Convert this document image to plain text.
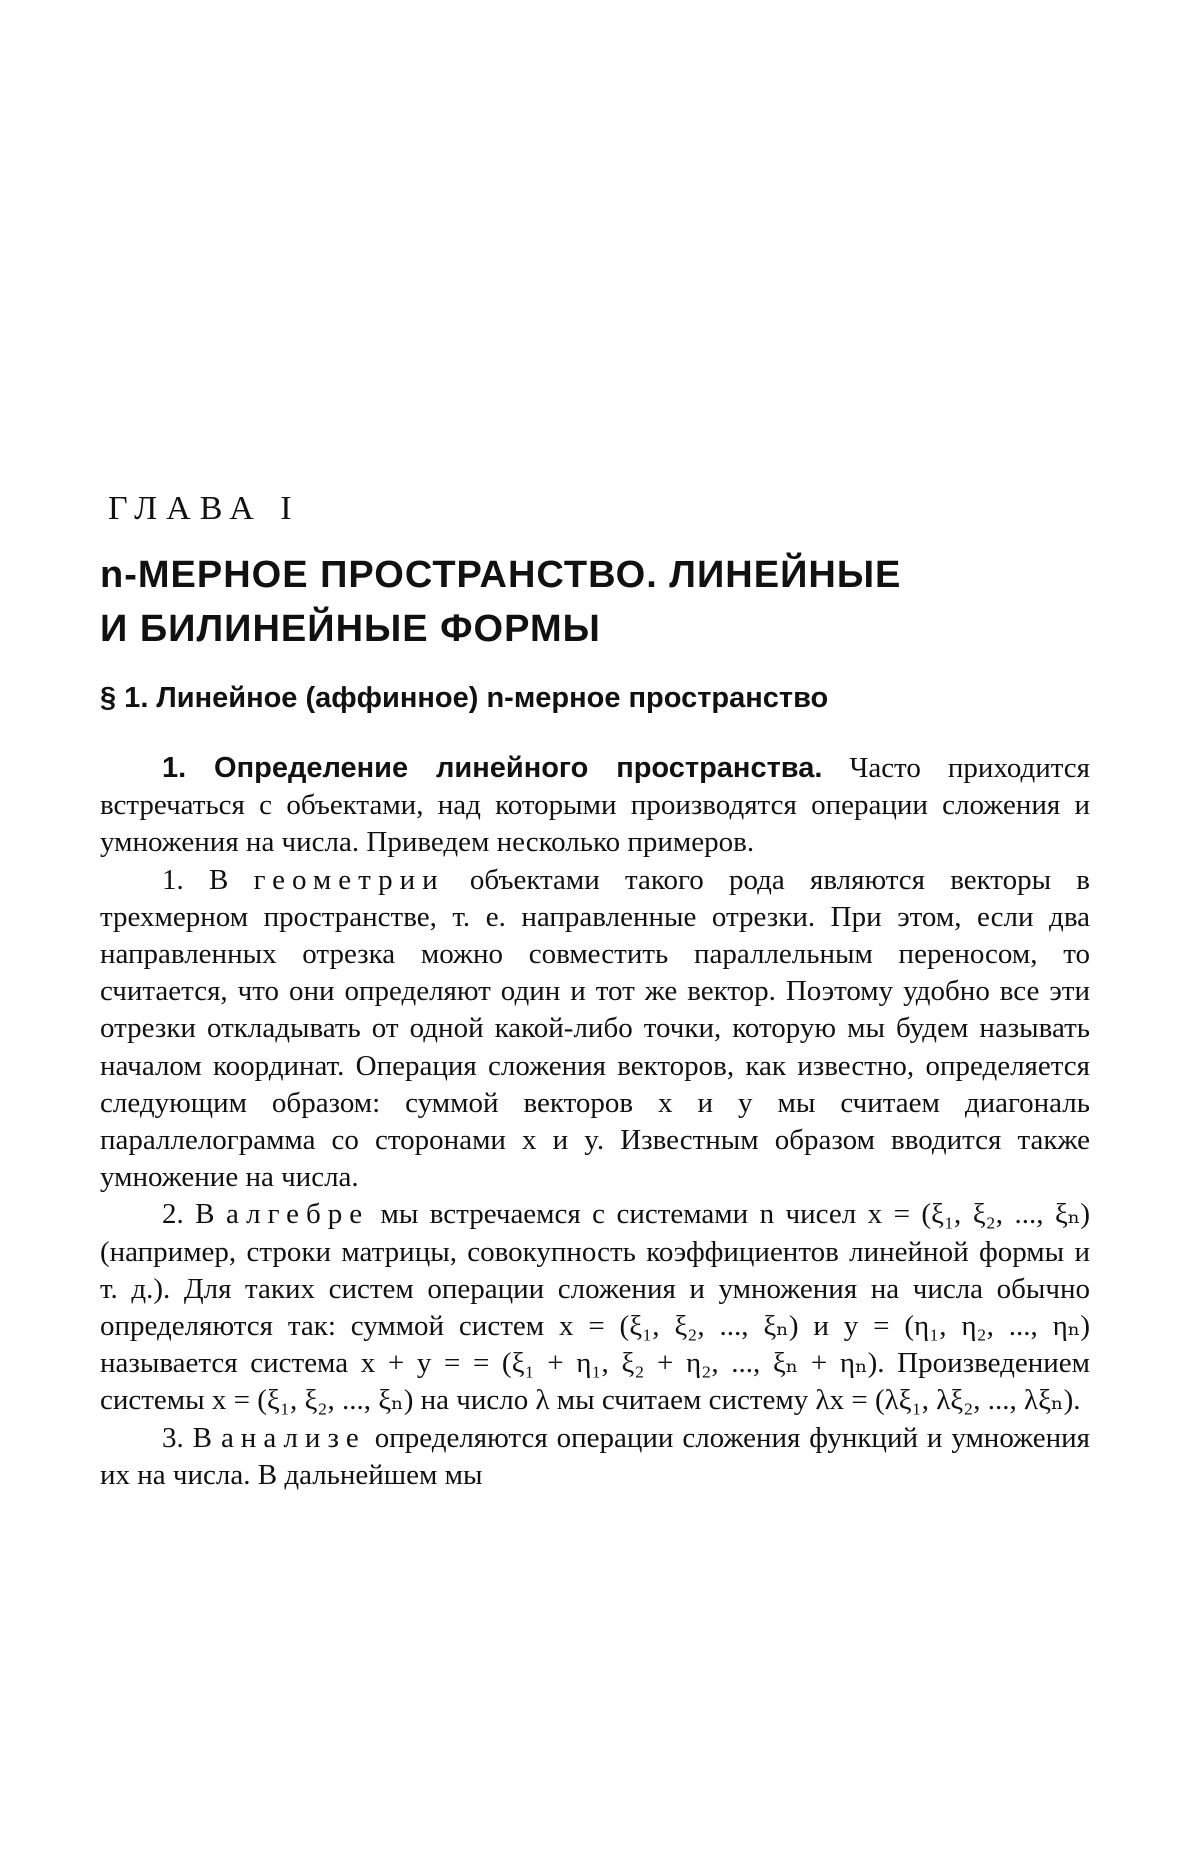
ГЛАВА I
n-МЕРНОЕ ПРОСТРАНСТВО. ЛИНЕЙНЫЕ
И БИЛИНЕЙНЫЕ ФОРМЫ
§ 1. Линейное (аффинное) n-мерное пространство

1. Определение линейного пространства. Часто приходится встречаться с объектами, над которыми производятся операции сложения и умножения на числа. Приведем несколько примеров.

1. В геометрии объектами такого рода являются векторы в трехмерном пространстве, т. е. направленные отрезки. При этом, если два направленных отрезка можно совместить параллельным переносом, то считается, что они определяют один и тот же вектор. Поэтому удобно все эти отрезки откладывать от одной какой-либо точки, которую мы будем называть началом координат. Операция сложения векторов, как известно, определяется следующим образом: суммой векторов x и y мы считаем диагональ параллелограмма со сторонами x и y. Известным образом вводится также умножение на числа.

2. В алгебре мы встречаемся с системами n чисел x = (ξ₁, ξ₂, ..., ξₙ) (например, строки матрицы, совокупность коэффициентов линейной формы и т. д.). Для таких систем операции сложения и умножения на числа обычно определяются так: суммой систем x = (ξ₁, ξ₂, ..., ξₙ) и y = (η₁, η₂, ..., ηₙ) называется система x + y = = (ξ₁ + η₁, ξ₂ + η₂, ..., ξₙ + ηₙ). Произведением системы x = (ξ₁, ξ₂, ..., ξₙ) на число λ мы считаем систему λx = (λξ₁, λξ₂, ..., λξₙ).

3. В анализе определяются операции сложения функций и умножения их на числа. В дальнейшем мы
